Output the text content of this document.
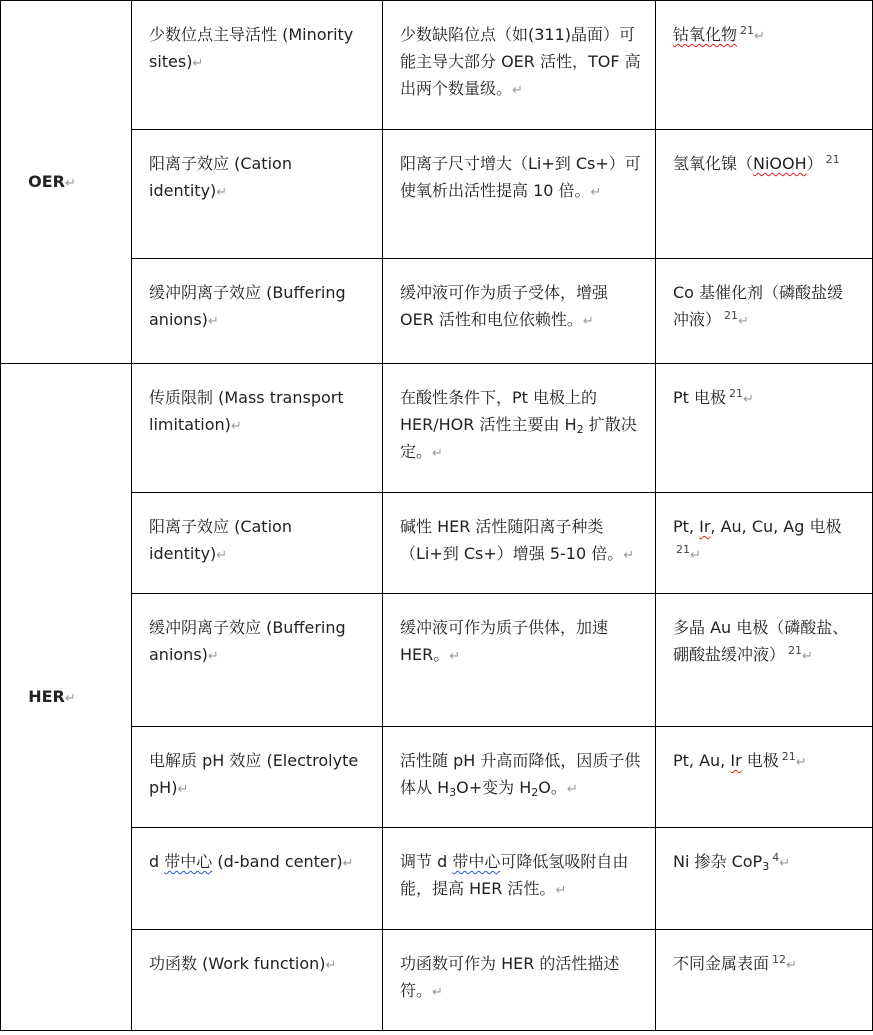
OER↵	少数位点主导活性 (Minority sites)↵	少数缺陷位点（如(311)晶面）可能主导大部分 OER 活性，TOF 高出两个数量级。↵	钴氧化物 $^{21}$↵
	阳离子效应 (Cation identity)↵	阳离子尺寸增大（Li+到 Cs+）可使氧析出活性提高 10 倍。↵	氢氧化镍（NiOOH） $^{21}$
	缓冲阴离子效应 (Buffering anions)↵	缓冲液可作为质子受体，增强 OER 活性和电位依赖性。↵	Co 基催化剂（磷酸盐缓冲液） $^{21}$↵
HER↵	传质限制 (Mass transport limitation)↵	在酸性条件下，Pt 电极上的 HER/HOR 活性主要由 $H_2$ 扩散决定。↵	Pt 电极 $^{21}$↵
	阳离子效应 (Cation identity)↵	碱性 HER 活性随阳离子种类（Li+到 Cs+）增强 5-10 倍。↵	Pt, Ir, Au, Cu, Ag 电极$^{21}$↵
	缓冲阴离子效应 (Buffering anions)↵	缓冲液可作为质子供体，加速 HER。↵	多晶 Au 电极（磷酸盐、硼酸盐缓冲液） $^{21}$↵
	电解质 pH 效应 (Electrolyte pH)↵	活性随 pH 升高而降低，因质子供体从 $H_3O+$变为 $H_2O$。↵	Pt, Au, Ir 电极 $^{21}$↵
	d 带中心 (d-band center)↵	调节 d 带中心可降低氢吸附自由能，提高 HER 活性。↵	Ni 掺杂 CoP$_3^4$↵
	功函数 (Work function)↵	功函数可作为 HER 的活性描述符。↵	不同金属表面 $^{12}$↵
